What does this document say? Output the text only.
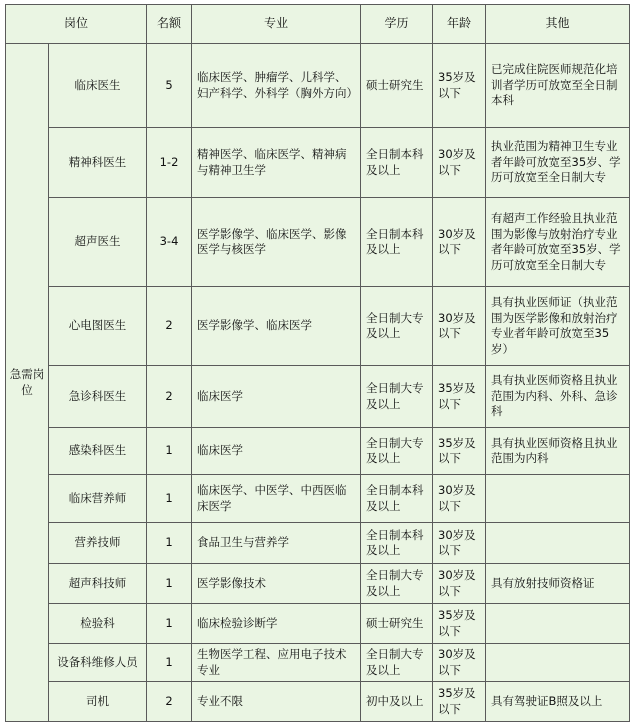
岗位		名额	专业	学历	年龄	其他
急需岗位	临床医生	5	临床医学、肿瘤学、儿科学、妇产科学、外科学（胸外方向）	硕士研究生	35岁及以下	已完成住院医师规范化培训者学历可放宽至全日制本科
	精神科医生	1-2	精神医学、临床医学、精神病与精神卫生学	全日制本科及以上	30岁及以下	执业范围为精神卫生专业者年龄可放宽至35岁、学历可放宽至全日制大专
	超声医生	3-4	医学影像学、临床医学、影像医学与核医学	全日制本科及以上	30岁及以下	有超声工作经验且执业范围为影像与放射治疗专业者年龄可放宽至35岁、学历可放宽至全日制大专
	心电图医生	2	医学影像学、临床医学	全日制大专及以上	30岁及以下	具有执业医师证（执业范围为医学影像和放射治疗专业者年龄可放宽至35岁）
	急诊科医生	2	临床医学	全日制大专及以上	35岁及以下	具有执业医师资格且执业范围为内科、外科、急诊科
	感染科医生	1	临床医学	全日制大专及以上	35岁及以下	具有执业医师资格且执业范围为内科
	临床营养师	1	临床医学、中医学、中西医临床医学	全日制本科及以上	30岁及以下	
	营养技师	1	食品卫生与营养学	全日制本科及以上	30岁及以下	
	超声科技师	1	医学影像技术	全日制大专及以上	30岁及以下	具有放射技师资格证
	检验科	1	临床检验诊断学	硕士研究生	35岁及以下	
	设备科维修人员	1	生物医学工程、应用电子技术专业	全日制大专及以上	30岁及以下	
	司机	2	专业不限	初中及以上	35岁及以下	具有驾驶证B照及以上
